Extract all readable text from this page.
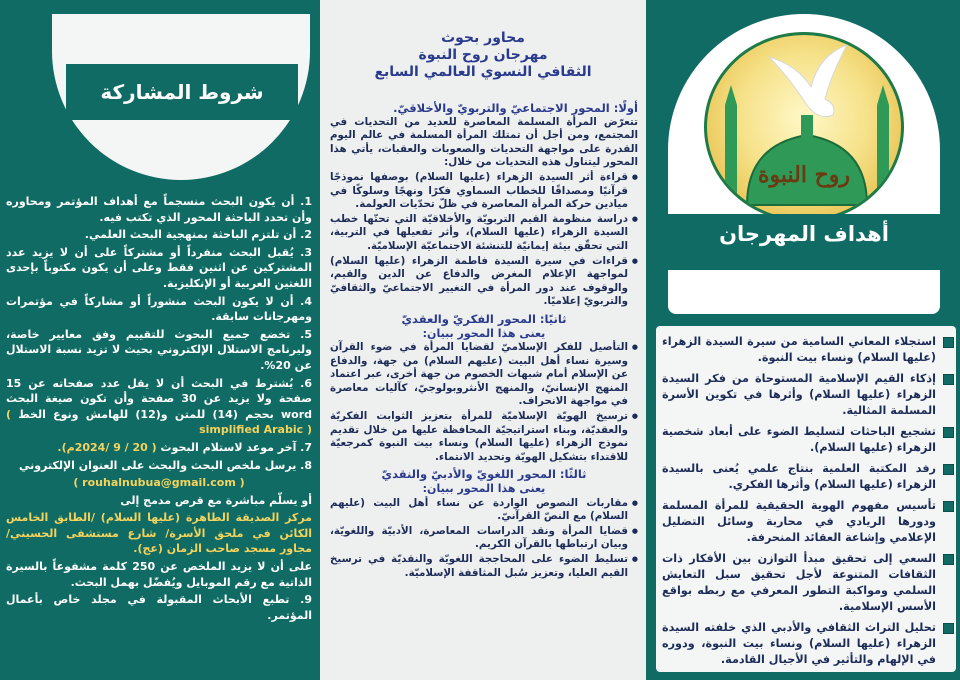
شروط المشاركة
1. أن يكون البحث منسجماً مع أهداف المؤتمر ومحاوره وأن تحدد الباحثة المحور الذي تكتب فيه.
2. أن تلتزم الباحثة بمنهجية البحث العلمي.
3. يُقبل البحث منفرداً أو مشتركاً على أن لا يزيد عدد المشتركين عن اثنين فقط وعلى أن يكون مكتوباً بإحدى اللغتين العربية أو الإنكليزية.
4. أن لا يكون البحث منشوراً أو مشاركاً في مؤتمرات ومهرجانات سابقة.
5. تخضع جميع البحوث للتقييم وفق معايير خاصة، وليرنامج الاستلال الإلكتروني بحيث لا تزيد نسبة الاستلال عن 20%.
6. يُشترط في البحث أن لا يقل عدد صفحاته عن 15 صفحة ولا يزيد عن 30 صفحة وأن تكون صيغة البحث word بحجم (14) للمتن و(12) للهامش ونوع الخط ( simplified Arabic )
7. آخر موعد لاستلام البحوث ( 20 / 9 /2024م).
8. يرسل ملخص البحث والبحث على العنوان الإلكتروني
( rouhalnubua@gmail.com )
أو يسلّم مباشرة مع قرص مدمج إلى
مركز الصديقة الطاهرة (عليها السلام) /الطابق الخامس الكائن في ملحق الأسرة/ شارع مستشفى الحسيني/ مجاور مسجد صاحب الزمان (عج).
على أن لا يزيد الملخص عن 250 كلمة مشفوعاً بالسيرة الذاتية مع رقم الموبايل ويُفضّل بهمل البحث.
9. تطبع الأبحاث المقبولة في مجلد خاص بأعمال المؤتمر.
محاور بحوث
مهرجان روح النبوة
الثقافي النسوي العالمي السابع
أولًا: المحور الاجتماعيّ والتربويّ والأخلاقيّ.

تتعرّض المرأة المسلمة المعاصرة للعديد من التحديات في المجتمع، ومن أجل أن تمتلك المرأة المسلمة في عالم اليوم القدرة على مواجهة التحديات والصعوبات والعقبات، يأتي هذا المحور ليتناول هذه التحديات من خلال:

● قراءة أثر السيدة الزهراء (عليها السلام) بوصفها نموذجًا قرآنيًا ومصداقًا للخطاب السماوي فكرًا ونهجًا وسلوكًا في ميادين حركة المرأة المعاصرة في ظلّ تحدّيات العولمة.
● دراسة منظومة القيم التربويّة والأخلاقيّة التي تحتّها خطب السيدة الزهراء (عليها السلام)، وأثر تفعيلها في التربية، التي تحقّق بيئة إيمانيّة للتنشئة الاجتماعيّة الإسلاميّة.
● قراءات في سيرة السيدة فاطمة الزهراء (عليها السلام) لمواجهة الإعلام المغرض والدفاع عن الدين والقيم، والوقوف عند دور المرأة في التغيير الاجتماعيّ والثقافيّ والتربويّ إعلاميًا.
ثانيًا: المحور الفكريّ والعقديّ
يعنى هذا المحور ببيان:
● التأصيل للفكر الإسلاميّ لقضايا المرأة في ضوء القرآن وسيرة نساء أهل البيت (عليهم السلام) من جهة، والدفاع عن الإسلام أمام شبهات الخصوم من جهة أخرى، عبر اعتماد المنهج الإنسانيّ، والمنهج الأنثروبولوجيّ، كآليات معاصرة في مواجهة الانحراف.
● ترسيخ الهويّة الإسلاميّة للمرأة بتعزيز الثوابت الفكريّة والعقديّة، وبناء استراتيجيّة المحافظة عليها من خلال تقديم نموذج الزهراء (عليها السلام) ونساء بيت النبوة كمرجعيّة للاقتداء بتشكيل الهويّة وتحديد الانتماء.
ثالثًا: المحور اللغويّ والأدبيّ والنقديّ
يعنى هذا المحور ببيان:
● مقاربات النصوص الواردة عن نساء أهل البيت (عليهم السلام) مع النصّ القرآنيّ.
● قضايا المرأة ونقد الدراسات المعاصرة، الأدبيّة واللغويّة، وبيان ارتباطها بالقرآن الكريم.
● تسليط الضوء على المحاججة اللغويّة والنقديّة في ترسيخ القيم العليا، وتعزيز سُبل المثاقفة الإسلاميّة.
روح النبوة
أهداف المهرجان
استجلاء المعاني السامية من سيرة السيدة الزهراء (عليها السلام) ونساء بيت النبوة.
إذكاء القيم الإسلامية المستوحاة من فكر السيدة الزهراء (عليها السلام) وأثرها في تكوين الأسرة المسلمة المثالية.
تشجيع الباحثات لتسليط الضوء على أبعاد شخصية الزهراء (عليها السلام).
رفد المكتبة العلمية بنتاج علمي يُعنى بالسيدة الزهراء (عليها السلام) وأثرها الفكري.
تأسيس مفهوم الهوية الحقيقية للمرأة المسلمة ودورها الريادي في محاربة وسائل التضليل الإعلامي وإشاعة العقائد المنحرفة.
السعي إلى تحقيق مبدأ التوازن بين الأفكار ذات الثقافات المتنوعة لأجل تحقيق سبل التعايش السلمي ومواكبة التطور المعرفي مع ربطه بواقع الأسس الإسلامية.
تحليل التراث الثقافي والأدبي الذي خلفته السيدة الزهراء (عليها السلام) ونساء بيت النبوة، ودوره في الإلهام والتأثير في الأجيال القادمة.
